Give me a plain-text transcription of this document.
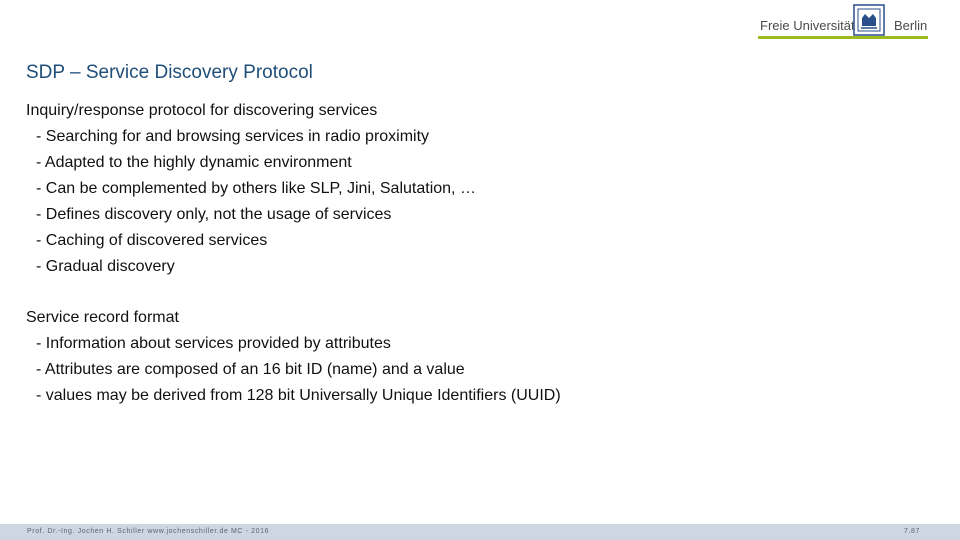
Freie Universität	Berlin
SDP – Service Discovery Protocol
Inquiry/response protocol for discovering services
- Searching for and browsing services in radio proximity
- Adapted to the highly dynamic environment
- Can be complemented by others like SLP, Jini, Salutation, …
- Defines discovery only, not the usage of services
- Caching of discovered services
- Gradual discovery
Service record format
- Information about services provided by attributes
- Attributes are composed of an 16 bit ID (name) and a value
- values may be derived from 128 bit Universally Unique Identifiers (UUID)
Prof. Dr.-Ing. Jochen H. Schiller www.jochenschiller.de MC - 2016	7.87
